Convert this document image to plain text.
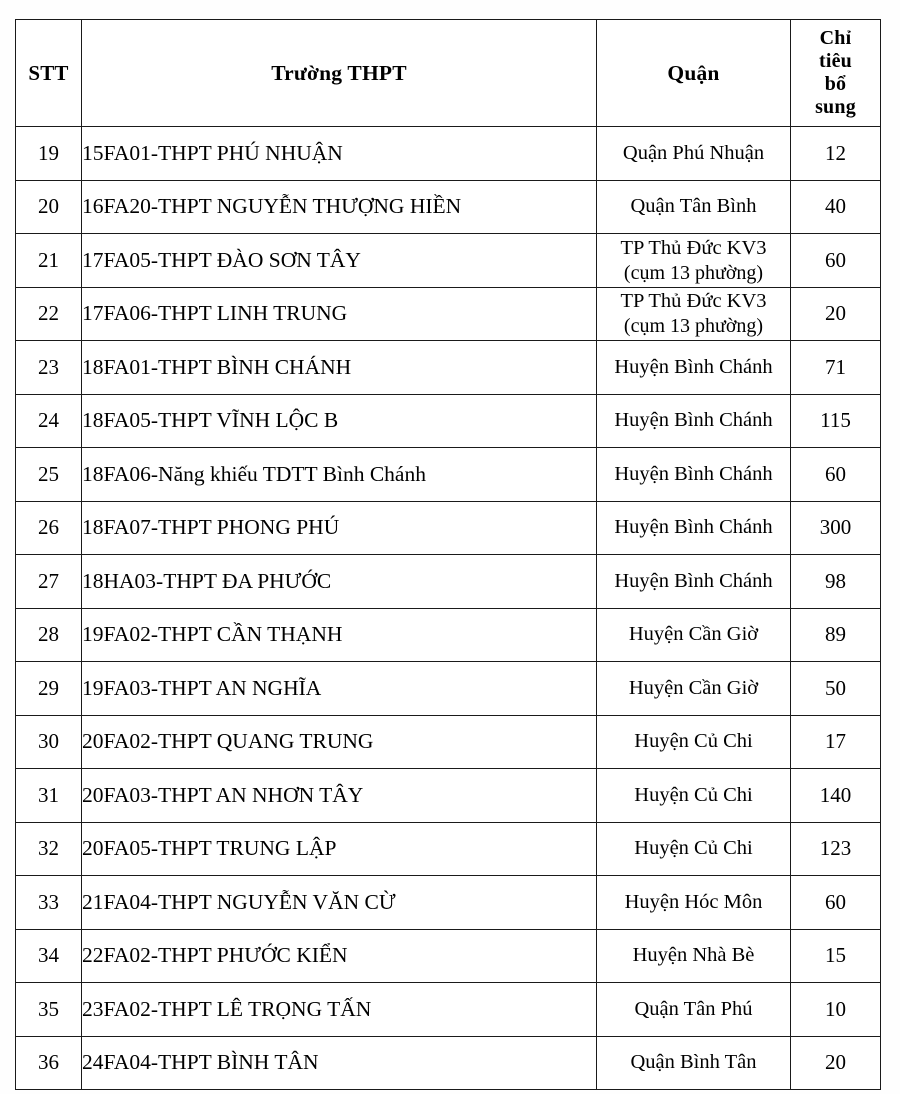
STT	Trường THPT	Quận	Chỉ
tiêu
bổ
sung
19	15FA01-THPT PHÚ NHUẬN	Quận Phú Nhuận	12
20	16FA20-THPT NGUYỄN THƯỢNG HIỀN	Quận Tân Bình	40
21	17FA05-THPT ĐÀO SƠN TÂY	TP Thủ Đức KV3
(cụm 13 phường)	60
22	17FA06-THPT LINH TRUNG	TP Thủ Đức KV3
(cụm 13 phường)	20
23	18FA01-THPT BÌNH CHÁNH	Huyện Bình Chánh	71
24	18FA05-THPT VĨNH LỘC B	Huyện Bình Chánh	115
25	18FA06-Năng khiếu TDTT Bình Chánh	Huyện Bình Chánh	60
26	18FA07-THPT PHONG PHÚ	Huyện Bình Chánh	300
27	18HA03-THPT ĐA PHƯỚC	Huyện Bình Chánh	98
28	19FA02-THPT CẦN THẠNH	Huyện Cần Giờ	89
29	19FA03-THPT AN NGHĨA	Huyện Cần Giờ	50
30	20FA02-THPT QUANG TRUNG	Huyện Củ Chi	17
31	20FA03-THPT AN NHƠN TÂY	Huyện Củ Chi	140
32	20FA05-THPT TRUNG LẬP	Huyện Củ Chi	123
33	21FA04-THPT NGUYỄN VĂN CỪ	Huyện Hóc Môn	60
34	22FA02-THPT PHƯỚC KIỂN	Huyện Nhà Bè	15
35	23FA02-THPT LÊ TRỌNG TẤN	Quận Tân Phú	10
36	24FA04-THPT BÌNH TÂN	Quận Bình Tân	20
